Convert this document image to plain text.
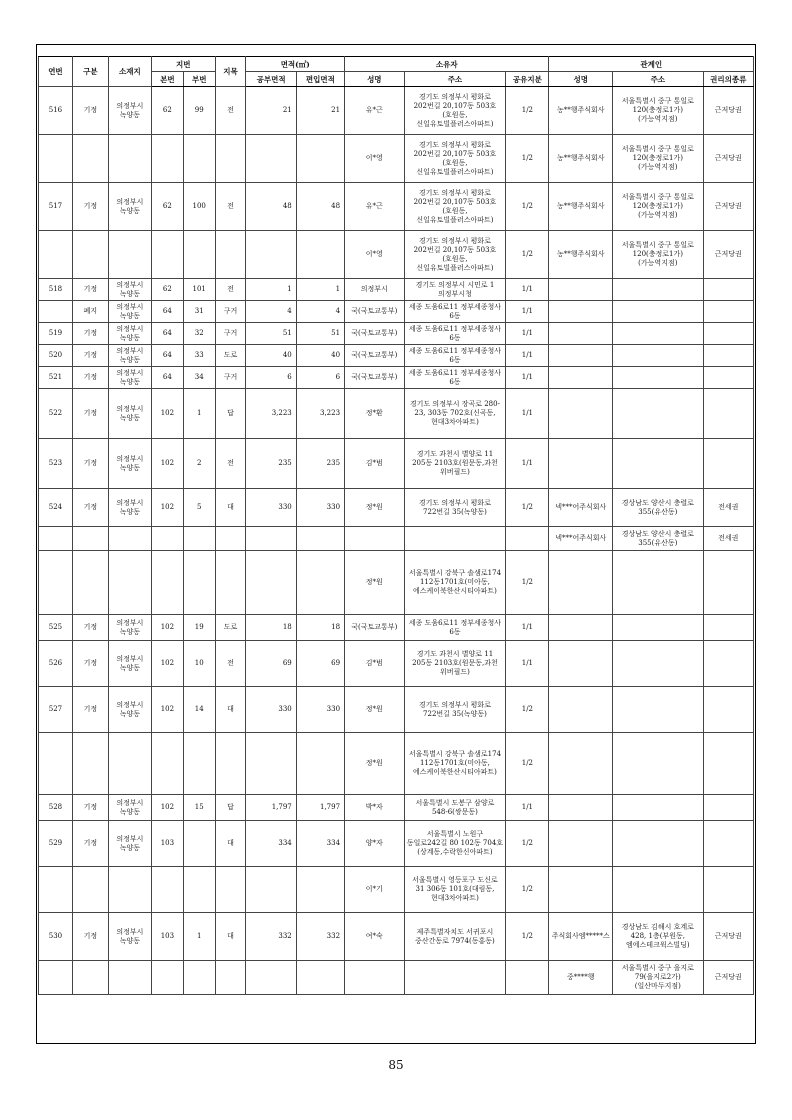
연번	구분	소재지	지번		지목	면적(㎡)		소유자			관계인		
			본번	부번		공부면적	편입면적	성명	주소	공유지분	성명	주소	권리의종류
516	기정	의정부시 녹양동	62	99	전	21	21	유*근	경기도 의정부시 평화로 202번길 20,107동 503호 (호원동,신일유토빌플러스아파트)	1/2	농**행주식회사	서울특별시 중구 통일로 120(충정로1가) (가능역지점)	근저당권
								이*영	경기도 의정부시 평화로 202번길 20,107동 503호 (호원동,신일유토빌플러스아파트)	1/2	농**행주식회사	서울특별시 중구 통일로 120(충정로1가) (가능역지점)	근저당권
517	기정	의정부시 녹양동	62	100	전	48	48	유*근	경기도 의정부시 평화로 202번길 20,107동 503호 (호원동,신일유토빌플러스아파트)	1/2	농**행주식회사	서울특별시 중구 통일로 120(충정로1가) (가능역지점)	근저당권
								이*영	경기도 의정부시 평화로 202번길 20,107동 503호 (호원동,신일유토빌플러스아파트)	1/2	농**행주식회사	서울특별시 중구 통일로 120(충정로1가) (가능역지점)	근저당권
518	기정	의정부시 녹양동	62	101	전	1	1	의정부시	경기도 의정부시 시민로 1 의정부시청	1/1			
	폐지	의정부시 녹양동	64	31	구거	4	4	국(국토교통부)	세종 도움6로11 정부세종청사 6동	1/1			
519	기정	의정부시 녹양동	64	32	구거	51	51	국(국토교통부)	세종 도움6로11 정부세종청사 6동	1/1			
520	기정	의정부시 녹양동	64	33	도로	40	40	국(국토교통부)	세종 도움6로11 정부세종청사 6동	1/1			
521	기정	의정부시 녹양동	64	34	구거	6	6	국(국토교통부)	세종 도움6로11 정부세종청사 6동	1/1			
522	기정	의정부시 녹양동	102	1	답	3,223	3,223	정*환	경기도 의정부시 장곡로 280-23, 303동 702호(신곡동,현대3차아파트)	1/1			
523	기정	의정부시 녹양동	102	2	전	235	235	김*범	경기도 과천시 별양로 11 205동 2103호(원문동,과천 위버필드)	1/1			
524	기정	의정부시 녹양동	102	5	대	330	330	정*원	경기도 의정부시 평화로 722번길 35(녹양동)	1/2	넥***어주식회사	경상남도 양산시 충렬로 355(유산동)	전세권
											넥***어주식회사	경상남도 양산시 충렬로 355(유산동)	전세권
								정*원	서울특별시 강북구 솔샘로174 112동1701호(미아동, 에스케이북한산시티아파트)	1/2			
525	기정	의정부시 녹양동	102	19	도로	18	18	국(국토교통부)	세종 도움6로11 정부세종청사 6동	1/1			
526	기정	의정부시 녹양동	102	10	전	69	69	김*범	경기도 과천시 별양로 11 205동 2103호(원문동,과천 위버필드)	1/1			
527	기정	의정부시 녹양동	102	14	대	330	330	정*원	경기도 의정부시 평화로 722번길 35(녹양동)	1/2			
								정*원	서울특별시 강북구 솔샘로174 112동1701호(미아동, 에스케이북한산시티아파트)	1/2			
528	기정	의정부시 녹양동	102	15	답	1,797	1,797	박*자	서울특별시 도봉구 삼양로 548-6(쌍문동)	1/1			
529	기정	의정부시 녹양동	103		대	334	334	양*자	서울특별시 노원구 동일로242길 80 102동 704호 (상계동,수락한신아파트)	1/2			
								이*기	서울특별시 영등포구 도신로 31 306동 101호(대림동,현대3차아파트)	1/2			
530	기정	의정부시 녹양동	103	1	대	332	332	여*숙	제주특별자치도 서귀포시 중산간동로 7974(동홍동)	1/2	주식회사엠*****스	경상남도 김해시 호계로 428, 1층(부원동, 엠에스테크윅스빌딩)	근저당권
											중****행	서울특별시 중구 을지로 79(을지로2가) (일산마두지점)	근저당권
85
